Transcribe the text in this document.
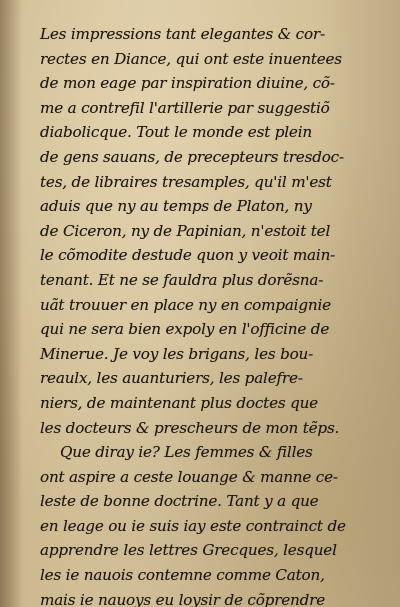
Les impressions tant elegantes & cor-
rectes en Diance, qui ont este inuentees
de mon eage par inspiration diuine, cõ-
me a contrefil l'artillerie par suggestiõ
diabolicque. Tout le monde est plein
de gens sauans, de precepteurs tresdoc-
tes, de libraires tresamples, qu'il m'est
aduis que ny au temps de Platon, ny
de Ciceron, ny de Papinian, n'estoit tel
le cõmodite destude quon y veoit main-
tenant. Et ne se fauldra plus dorẽsna-
uãt trouuer en place ny en compaignie
qui ne sera bien expoly en l'officine de
Minerue. Je voy les brigans, les bou-
reaulx, les auanturiers, les palefre-
niers, de maintenant plus doctes que
les docteurs & prescheurs de mon tẽps.
Que diray ie? Les femmes & filles
ont aspire a ceste louange & manne ce-
leste de bonne doctrine. Tant y a que
en leage ou ie suis iay este contrainct de
apprendre les lettres Grecques, lesquel
les ie nauois contemne comme Caton,
mais ie nauoys eu loysir de cõprendre
